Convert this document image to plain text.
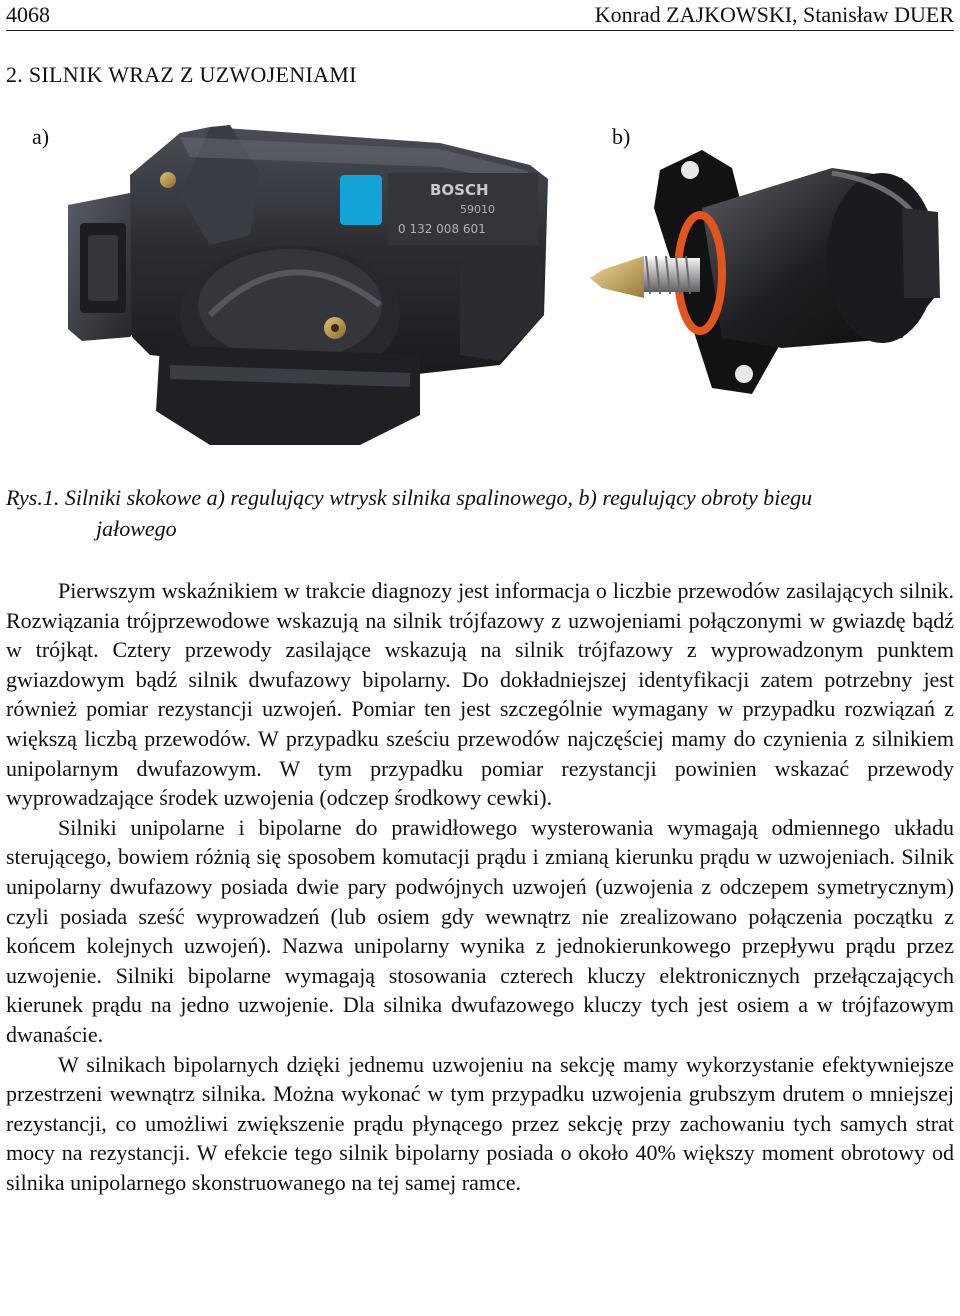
4068	Konrad ZAJKOWSKI, Stanisław DUER
2. SILNIK WRAZ Z UZWOJENIAMI
a)	b)
BOSCH
59010
0 132 008 601
Rys.1. Silniki skokowe a) regulujący wtrysk silnika spalinowego, b) regulujący obroty biegu
jałowego

Pierwszym wskaźnikiem w trakcie diagnozy jest informacja o liczbie przewodów zasilających silnik. Rozwiązania trójprzewodowe wskazują na silnik trójfazowy z uzwojeniami połączonymi w gwiazdę bądź w trójkąt. Cztery przewody zasilające wskazują na silnik trójfazowy z wyprowadzonym punktem gwiazdowym bądź silnik dwufazowy bipolarny. Do dokładniejszej identyfikacji zatem potrzebny jest również pomiar rezystancji uzwojeń. Pomiar ten jest szczególnie wymagany w przypadku rozwiązań z większą liczbą przewodów. W przypadku sześciu przewodów najczęściej mamy do czynienia z silnikiem unipolarnym dwufazowym. W tym przypadku pomiar rezystancji powinien wskazać przewody wyprowadzające środek uzwojenia (odczep środkowy cewki).

Silniki unipolarne i bipolarne do prawidłowego wysterowania wymagają odmiennego układu sterującego, bowiem różnią się sposobem komutacji prądu i zmianą kierunku prądu w uzwojeniach. Silnik unipolarny dwufazowy posiada dwie pary podwójnych uzwojeń (uzwojenia z odczepem symetrycznym) czyli posiada sześć wyprowadzeń (lub osiem gdy wewnątrz nie zrealizowano połączenia początku z końcem kolejnych uzwojeń). Nazwa unipolarny wynika z jednokierunkowego przepływu prądu przez uzwojenie. Silniki bipolarne wymagają stosowania czterech kluczy elektronicznych przełączających kierunek prądu na jedno uzwojenie. Dla silnika dwufazowego kluczy tych jest osiem a w trójfazowym dwanaście.

W silnikach bipolarnych dzięki jednemu uzwojeniu na sekcję mamy wykorzystanie efektywniejsze przestrzeni wewnątrz silnika. Można wykonać w tym przypadku uzwojenia grubszym drutem o mniejszej rezystancji, co umożliwi zwiększenie prądu płynącego przez sekcję przy zachowaniu tych samych strat mocy na rezystancji. W efekcie tego silnik bipolarny posiada o około 40% większy moment obrotowy od silnika unipolarnego skonstruowanego na tej samej ramce.
